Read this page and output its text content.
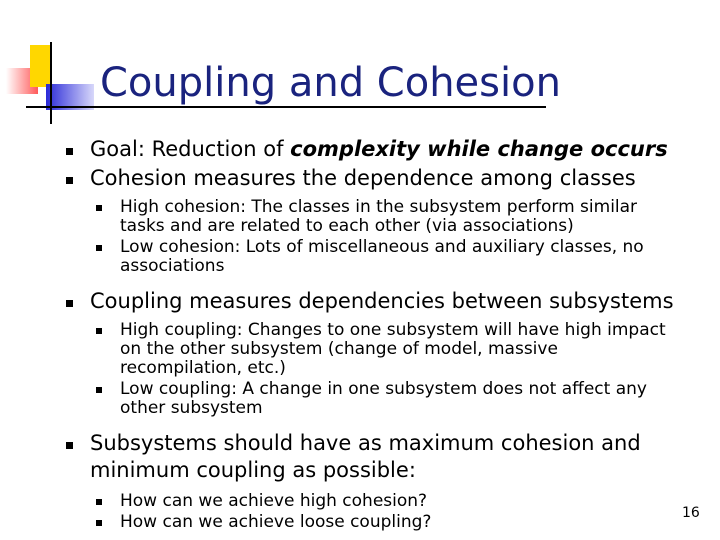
Coupling and Cohesion
Goal: Reduction of complexity while change occurs
Cohesion measures the dependence among classes
High cohesion: The classes in the subsystem perform similar tasks and are related to each other (via associations)
Low cohesion: Lots of miscellaneous and auxiliary classes, no associations
Coupling measures dependencies between subsystems
High coupling: Changes to one subsystem will have high impact on the other subsystem (change of model, massive recompilation, etc.)
Low coupling: A change in one subsystem does not affect any other subsystem
Subsystems should have as maximum cohesion and minimum coupling as possible:
How can we achieve high cohesion?
How can we achieve loose coupling?	16
